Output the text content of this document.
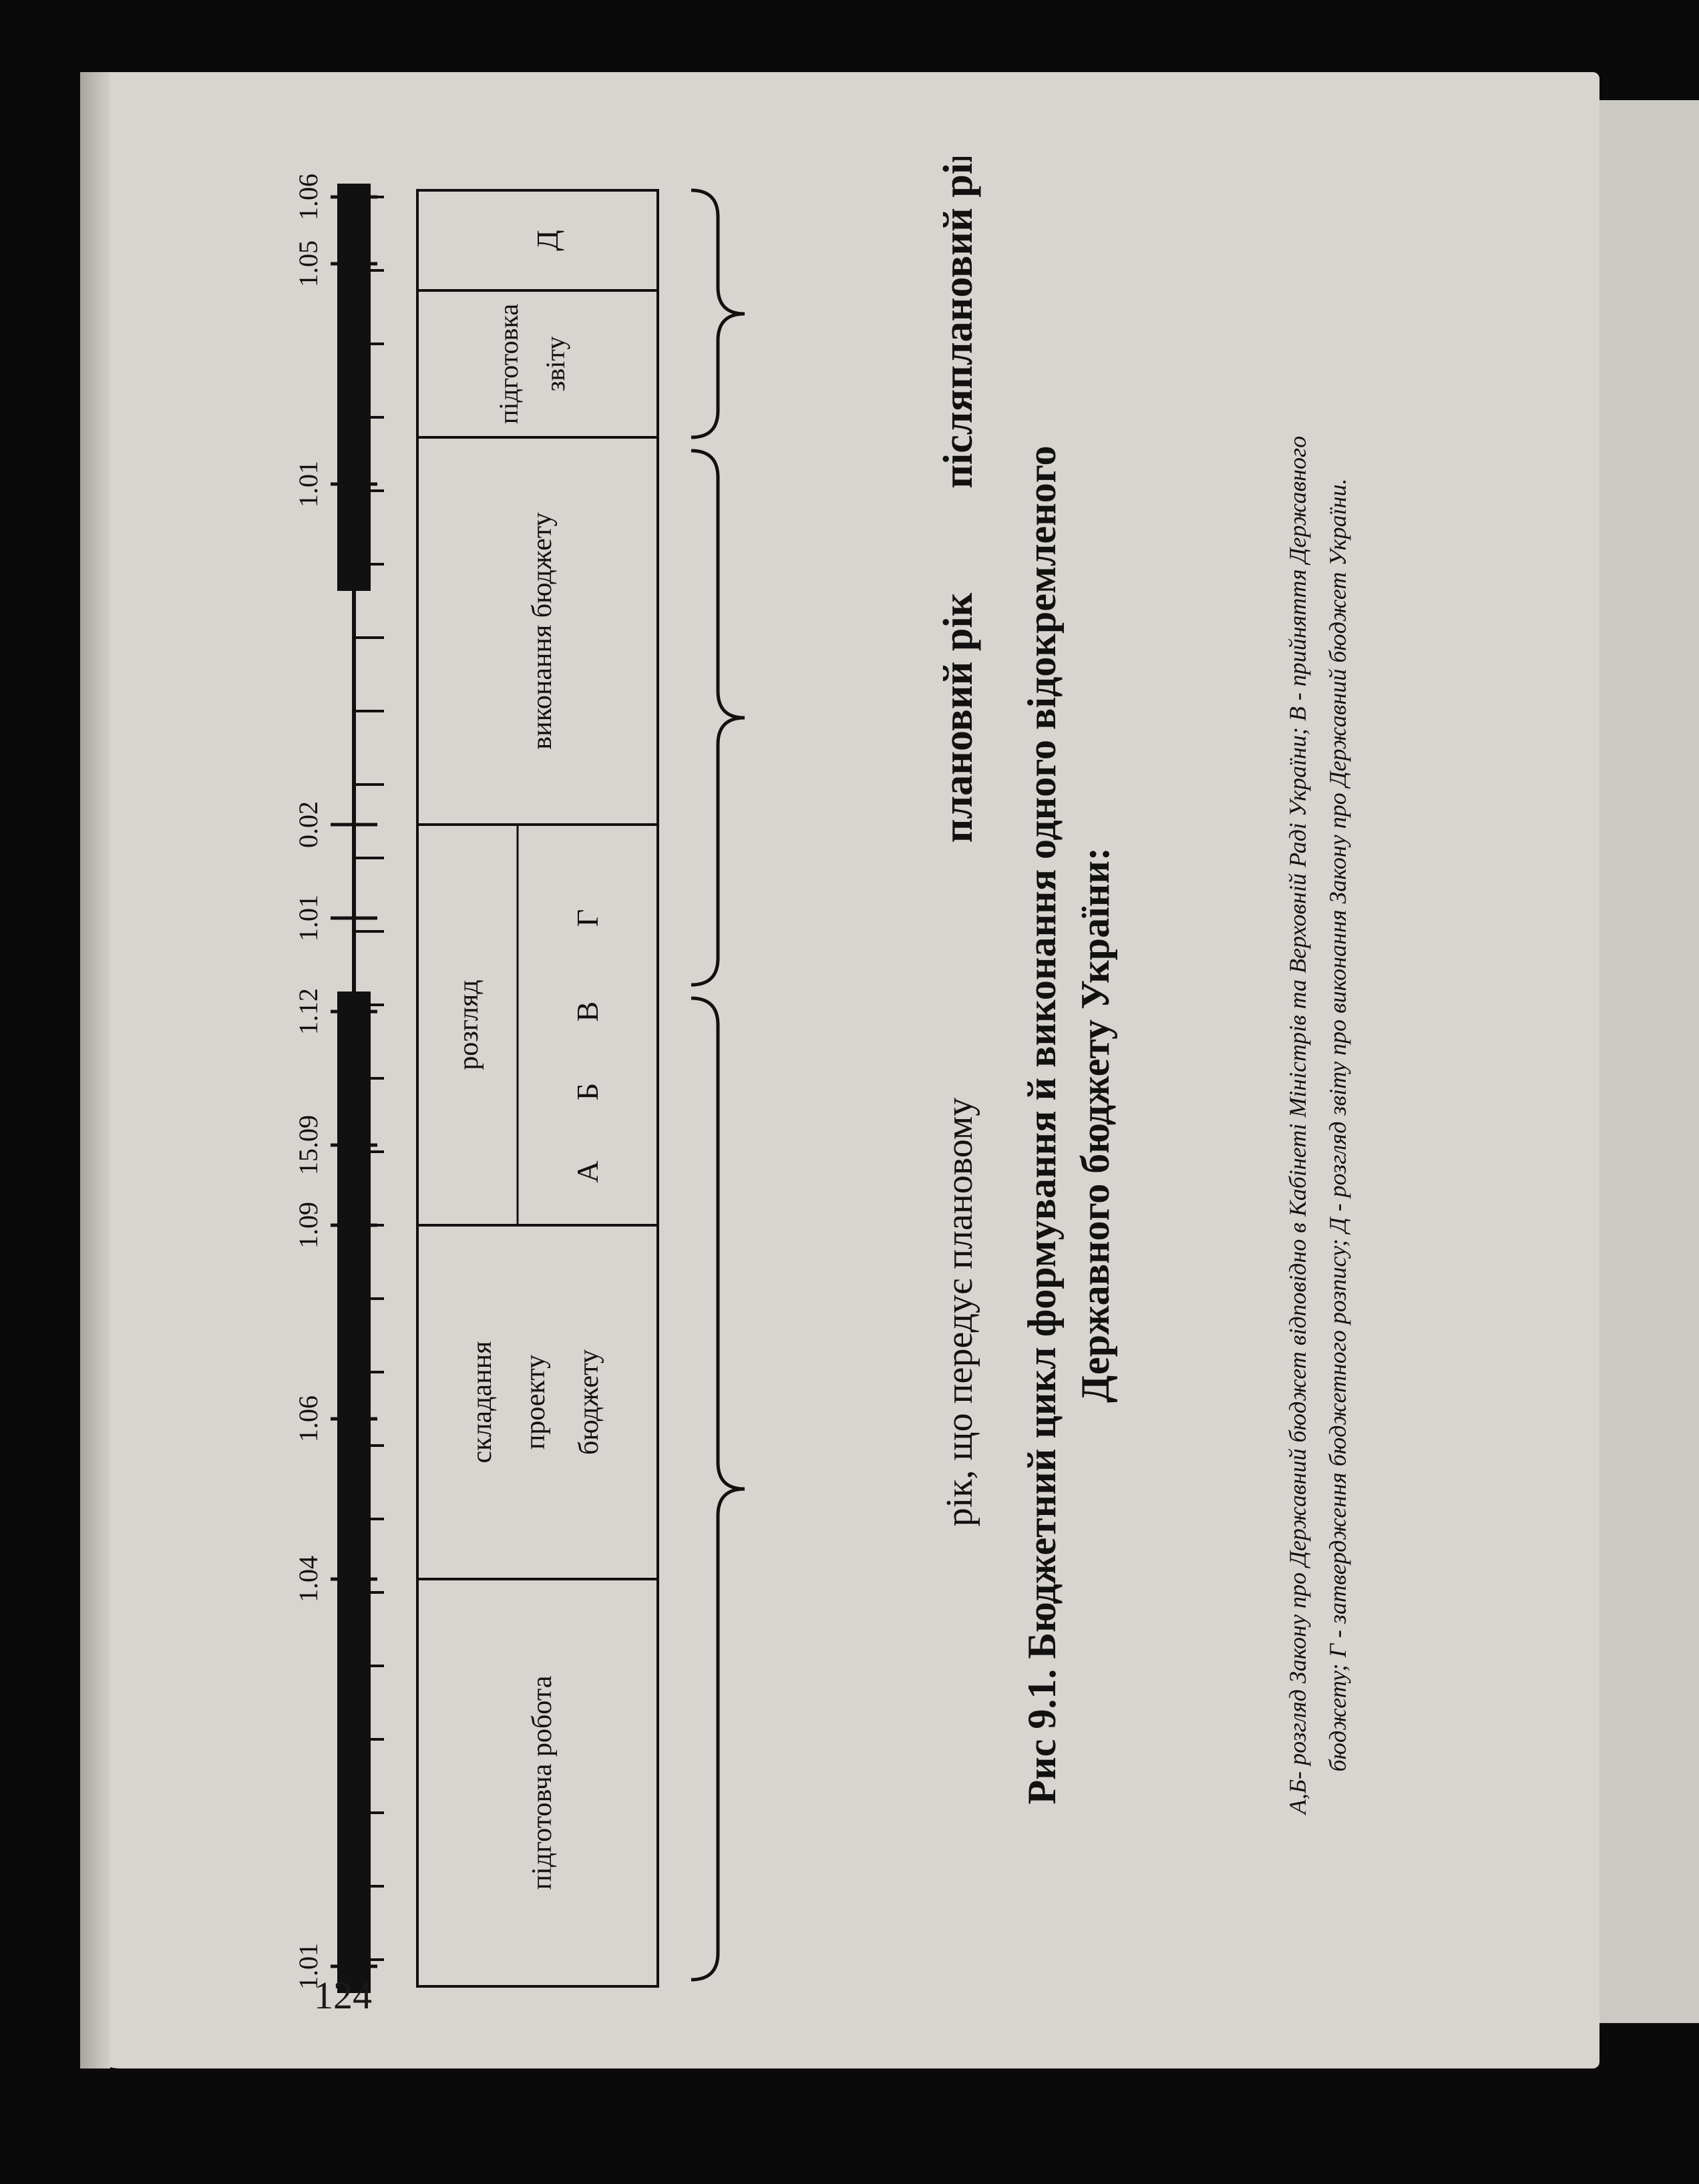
1.01
1.04
1.06
1.09
15.09
1.12
1.01
0.02
1.01
1.05
1.06
підготовча робота
складання проекту бюджету
розгляд
А
Б
В
Г
виконання бюджету
підготовка звіту
Д
рік, що передує плановому
плановий рік
післяплановий рік
Рис 9.1. Бюджетний цикл формування й виконання одного відокремленого Державного бюджету України:	А,Б- розгляд Закону про Державний бюджет відповідно в Кабінеті Міністрів та Верховній Раді України; В - прийняття Державного бюджету; Г - затвердження бюджетного розпису; Д - розгляд звіту про виконання Закону про Державний бюджет України.
124
